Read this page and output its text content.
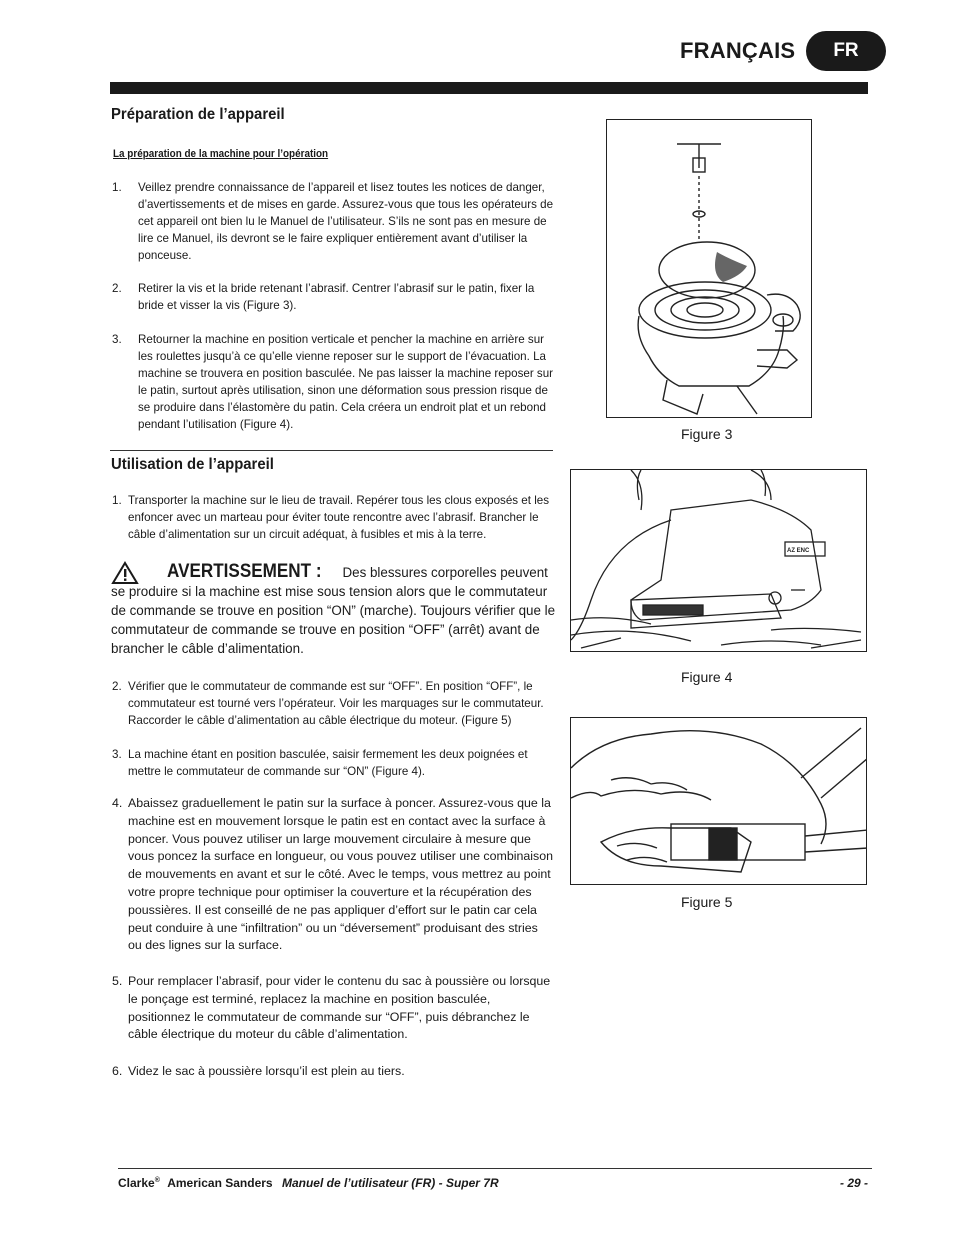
FRANÇAIS	FR
Préparation de l’appareil
La préparation de la machine pour l’opération
1.	Veillez prendre connaissance de l’appareil et lisez toutes les notices de danger, d’avertissements et de mises en garde. Assurez-vous que tous les opérateurs de cet appareil ont bien lu le Manuel de l’utilisateur. S’ils ne sont pas en mesure de lire ce Manuel, ils devront se le faire expliquer entièrement avant d’utiliser la ponceuse.
2.	Retirer la vis et la bride retenant l’abrasif. Centrer l’abrasif sur le patin, fixer la bride et visser la vis (Figure 3).
3.	Retourner la machine en position verticale et pencher la machine en arrière sur les roulettes jusqu’à ce qu’elle vienne reposer sur le support de l’évacuation. La machine se trouvera en position basculée. Ne pas laisser la machine reposer sur le patin, surtout après utilisation, sinon une déformation sous pression risque de se produire dans l’élastomère du patin. Cela créera un endroit plat et un rebond pendant l’utilisation (Figure 4).
Utilisation de l’appareil
1. Transporter la machine sur le lieu de travail. Repérer tous les clous exposés et les enfoncer avec un marteau pour éviter toute rencontre avec l’abrasif. Brancher le câble d’alimentation sur un circuit adéquat, à fusibles et mis à la terre.
AVERTISSEMENT : Des blessures corporelles peuvent se produire si la machine est mise sous tension alors que le commutateur de commande se trouve en position “ON” (marche). Toujours vérifier que le commutateur de commande se trouve en position “OFF” (arrêt) avant de brancher le câble d’alimentation.
2. Vérifier que le commutateur de commande est sur “OFF”. En position “OFF”, le commutateur est tourné vers l’opérateur. Voir les marquages sur le commutateur. Raccorder le câble d’alimentation au câble électrique du moteur. (Figure 5)
3. La machine étant en position basculée, saisir fermement les deux poignées et mettre le commutateur de commande sur “ON” (Figure 4).
4. Abaissez graduellement le patin sur la surface à poncer. Assurez-vous que la machine est en mouvement lorsque le patin est en contact avec la surface à poncer. Vous pouvez utiliser un large mouvement circulaire à mesure que vous poncez la surface en longueur, ou vous pouvez utiliser une combinaison de mouvements en avant et sur le côté. Avec le temps, vous mettrez au point votre propre technique pour optimiser la couverture et la récupération des poussières. Il est conseillé de ne pas appliquer d’effort sur le patin car cela peut conduire à une “infiltration” ou un “déversement” produisant des stries ou des lignes sur la surface.
5. Pour remplacer l’abrasif, pour vider le contenu du sac à poussière ou lorsque le ponçage est terminé, replacez la machine en position basculée, positionnez le commutateur de commande sur “OFF”, puis débranchez le câble électrique du moteur du câble d’alimentation.
6. Videz le sac à poussière lorsqu’il est plein au tiers.
Figure 3
AZ ENC
Figure 4
Figure 5
Clarke® American Sanders Manuel de l’utilisateur (FR) - Super 7R	- 29 -
